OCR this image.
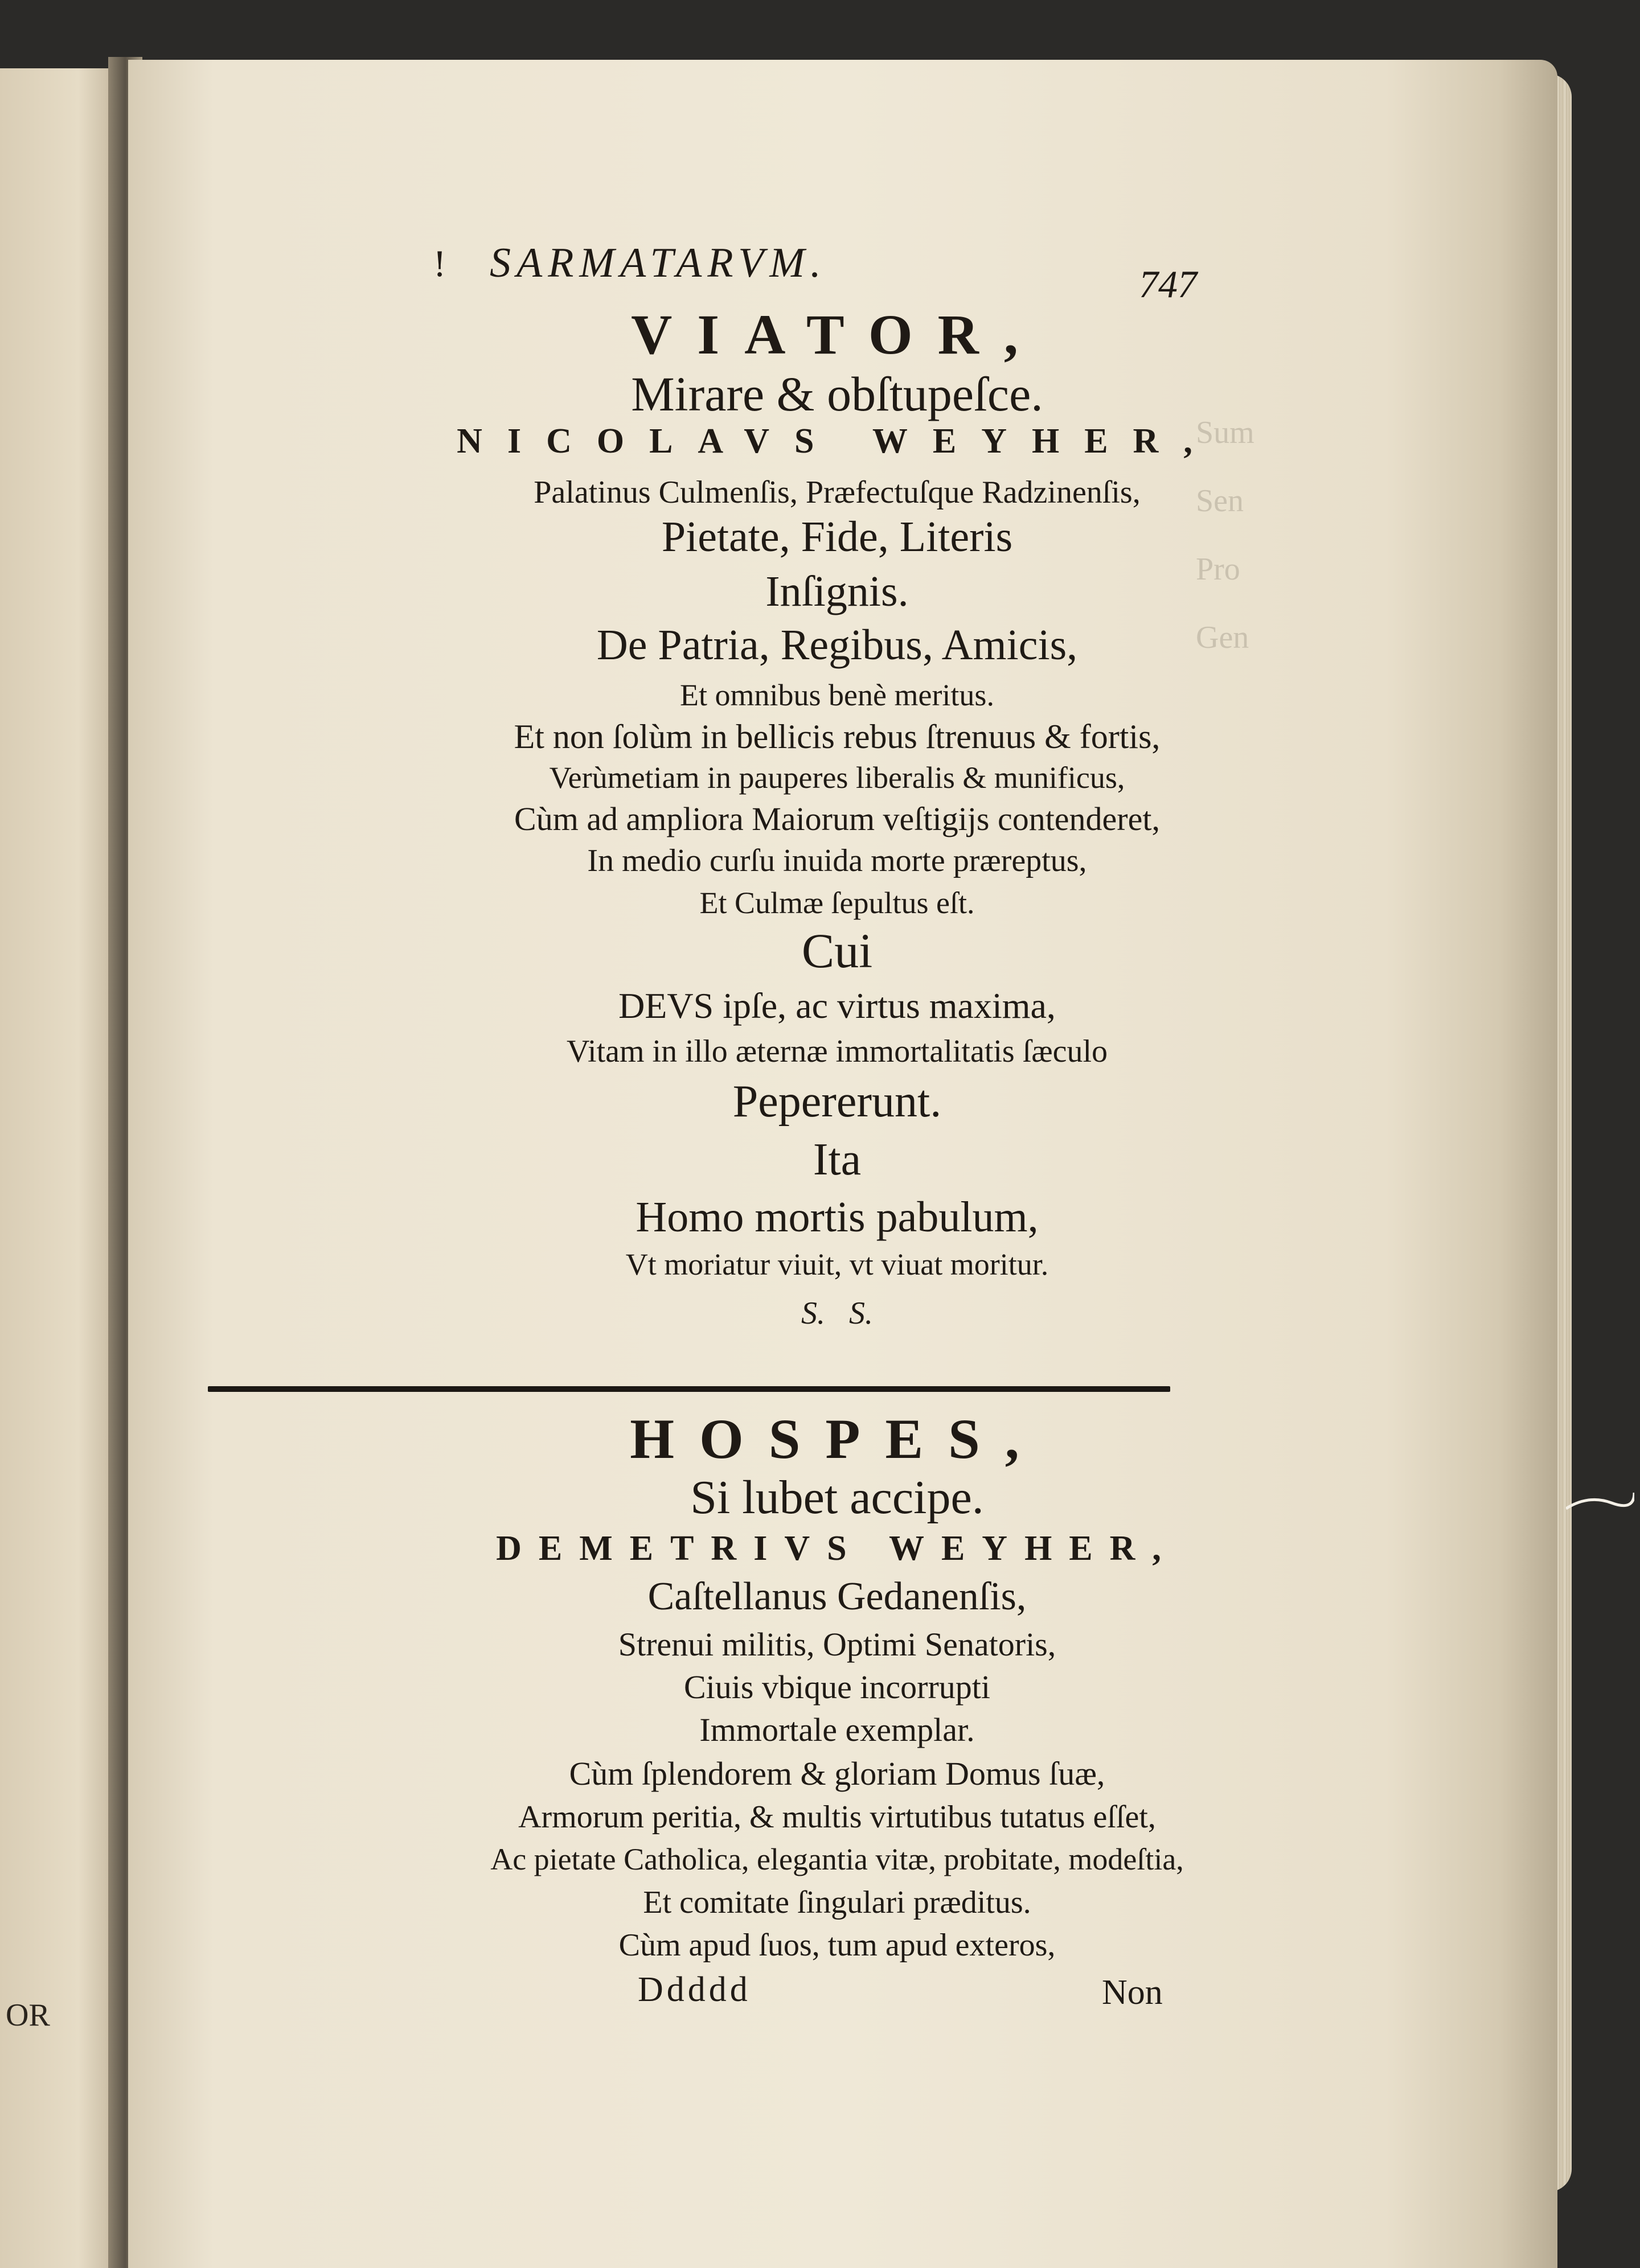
OR
Sum
Sen
Pro
Gen
! SARMATARVM.	747
VIATOR,
Mirare & obſtupeſce.
NICOLAVS WEYHER,
Palatinus Culmenſis, Præfectuſque Radzinenſis,
Pietate, Fide, Literis
Inſignis.
De Patria, Regibus, Amicis,
Et omnibus benè meritus.
Et non ſolùm in bellicis rebus ſtrenuus & fortis,
Verùmetiam in pauperes liberalis & munificus,
Cùm ad ampliora Maiorum veſtigijs contenderet,
In medio curſu inuida morte præreptus,
Et Culmæ ſepultus eſt.
Cui
DEVS ipſe, ac virtus maxima,
Vitam in illo æternæ immortalitatis ſæculo
Pepererunt.
Ita
Homo mortis pabulum,
Vt moriatur viuit, vt viuat moritur.
S.   S.
HOSPES,
Si lubet accipe.
DEMETRIVS WEYHER,
Caſtellanus Gedanenſis,
Strenui militis, Optimi Senatoris,
Ciuis vbique incorrupti
Immortale exemplar.
Cùm ſplendorem & gloriam Domus ſuæ,
Armorum peritia, & multis virtutibus tutatus eſſet,
Ac pietate Catholica, elegantia vitæ, probitate, modeſtia,
Et comitate ſingulari præditus.
Cùm apud ſuos, tum apud exteros,
Ddddd	Non
